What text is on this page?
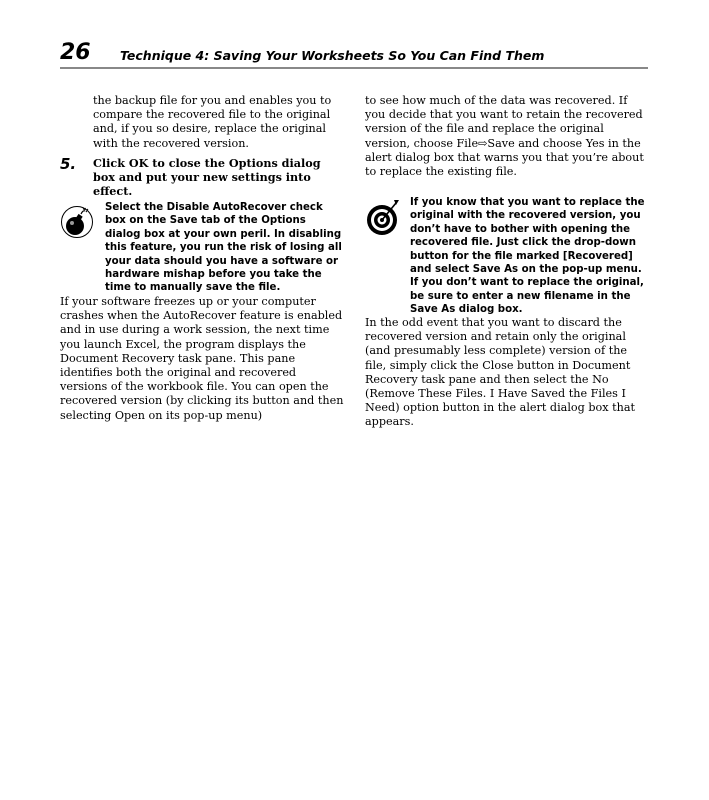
26 Technique 4: Saving Your Worksheets So You Can Find Them

the backup file for you and enables you to compare the recovered file to the original and, if you so desire, replace the original with the recovered version.

5. Click OK to close the Options dialog box and put your new settings into effect.

Select the Disable AutoRecover check box on the Save tab of the Options dialog box at your own peril. In disabling this feature, you run the risk of losing all your data should you have a software or hardware mishap before you take the time to manually save the file.

If your software freezes up or your computer crashes when the AutoRecover feature is enabled and in use during a work session, the next time you launch Excel, the program displays the Document Recovery task pane. This pane identifies both the original and recovered versions of the workbook file. You can open the recovered version (by clicking its button and then selecting Open on its pop-up menu)

to see how much of the data was recovered. If you decide that you want to retain the recovered version of the file and replace the original version, choose File⇨Save and choose Yes in the alert dialog box that warns you that you’re about to replace the existing file.

If you know that you want to replace the original with the recovered version, you don’t have to bother with opening the recovered file. Just click the drop-down button for the file marked [Recovered] and select Save As on the pop-up menu. If you don’t want to replace the original, be sure to enter a new filename in the Save As dialog box.

In the odd event that you want to discard the recovered version and retain only the original (and presumably less complete) version of the file, simply click the Close button in Document Recovery task pane and then select the No (Remove These Files. I Have Saved the Files I Need) option button in the alert dialog box that appears.
